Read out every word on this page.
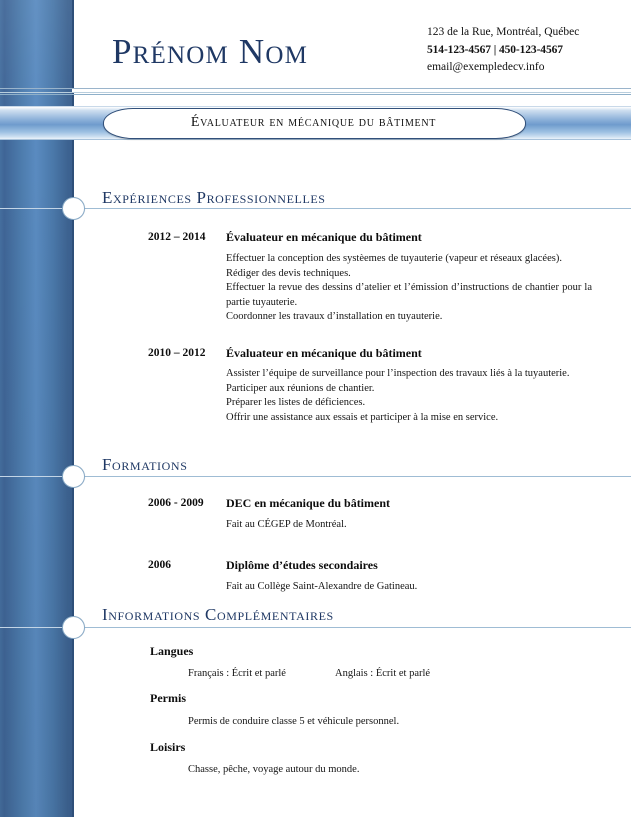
Prénom Nom	123 de la Rue, Montréal, Québec
514-123-4567 | 450-123-4567
email@exempledecv.info
Évaluateur en mécanique du bâtiment
Expériences Professionnelles
2012 – 2014 Évaluateur en mécanique du bâtiment
Effectuer la conception des systèemes de tuyauterie (vapeur et réseaux glacées).
Rédiger des devis techniques.
Effectuer la revue des dessins d’atelier et l’émission d’instructions de chantier pour la partie tuyauterie.
Coordonner les travaux d’installation en tuyauterie.
2010 – 2012 Évaluateur en mécanique du bâtiment
Assister l’équipe de surveillance pour l’inspection des travaux liés à la tuyauterie.
Participer aux réunions de chantier.
Préparer les listes de déficiences.
Offrir une assistance aux essais et participer à la mise en service.
Formations
2006 - 2009 DEC en mécanique du bâtiment
Fait au CÉGEP de Montréal.
2006	Diplôme d’études secondaires
Fait au Collège Saint-Alexandre de Gatineau.
Informations Complémentaires
Langues
Français : Écrit et parlé	Anglais : Écrit et parlé
Permis
Permis de conduire classe 5 et véhicule personnel.
Loisirs
Chasse, pêche, voyage autour du monde.
